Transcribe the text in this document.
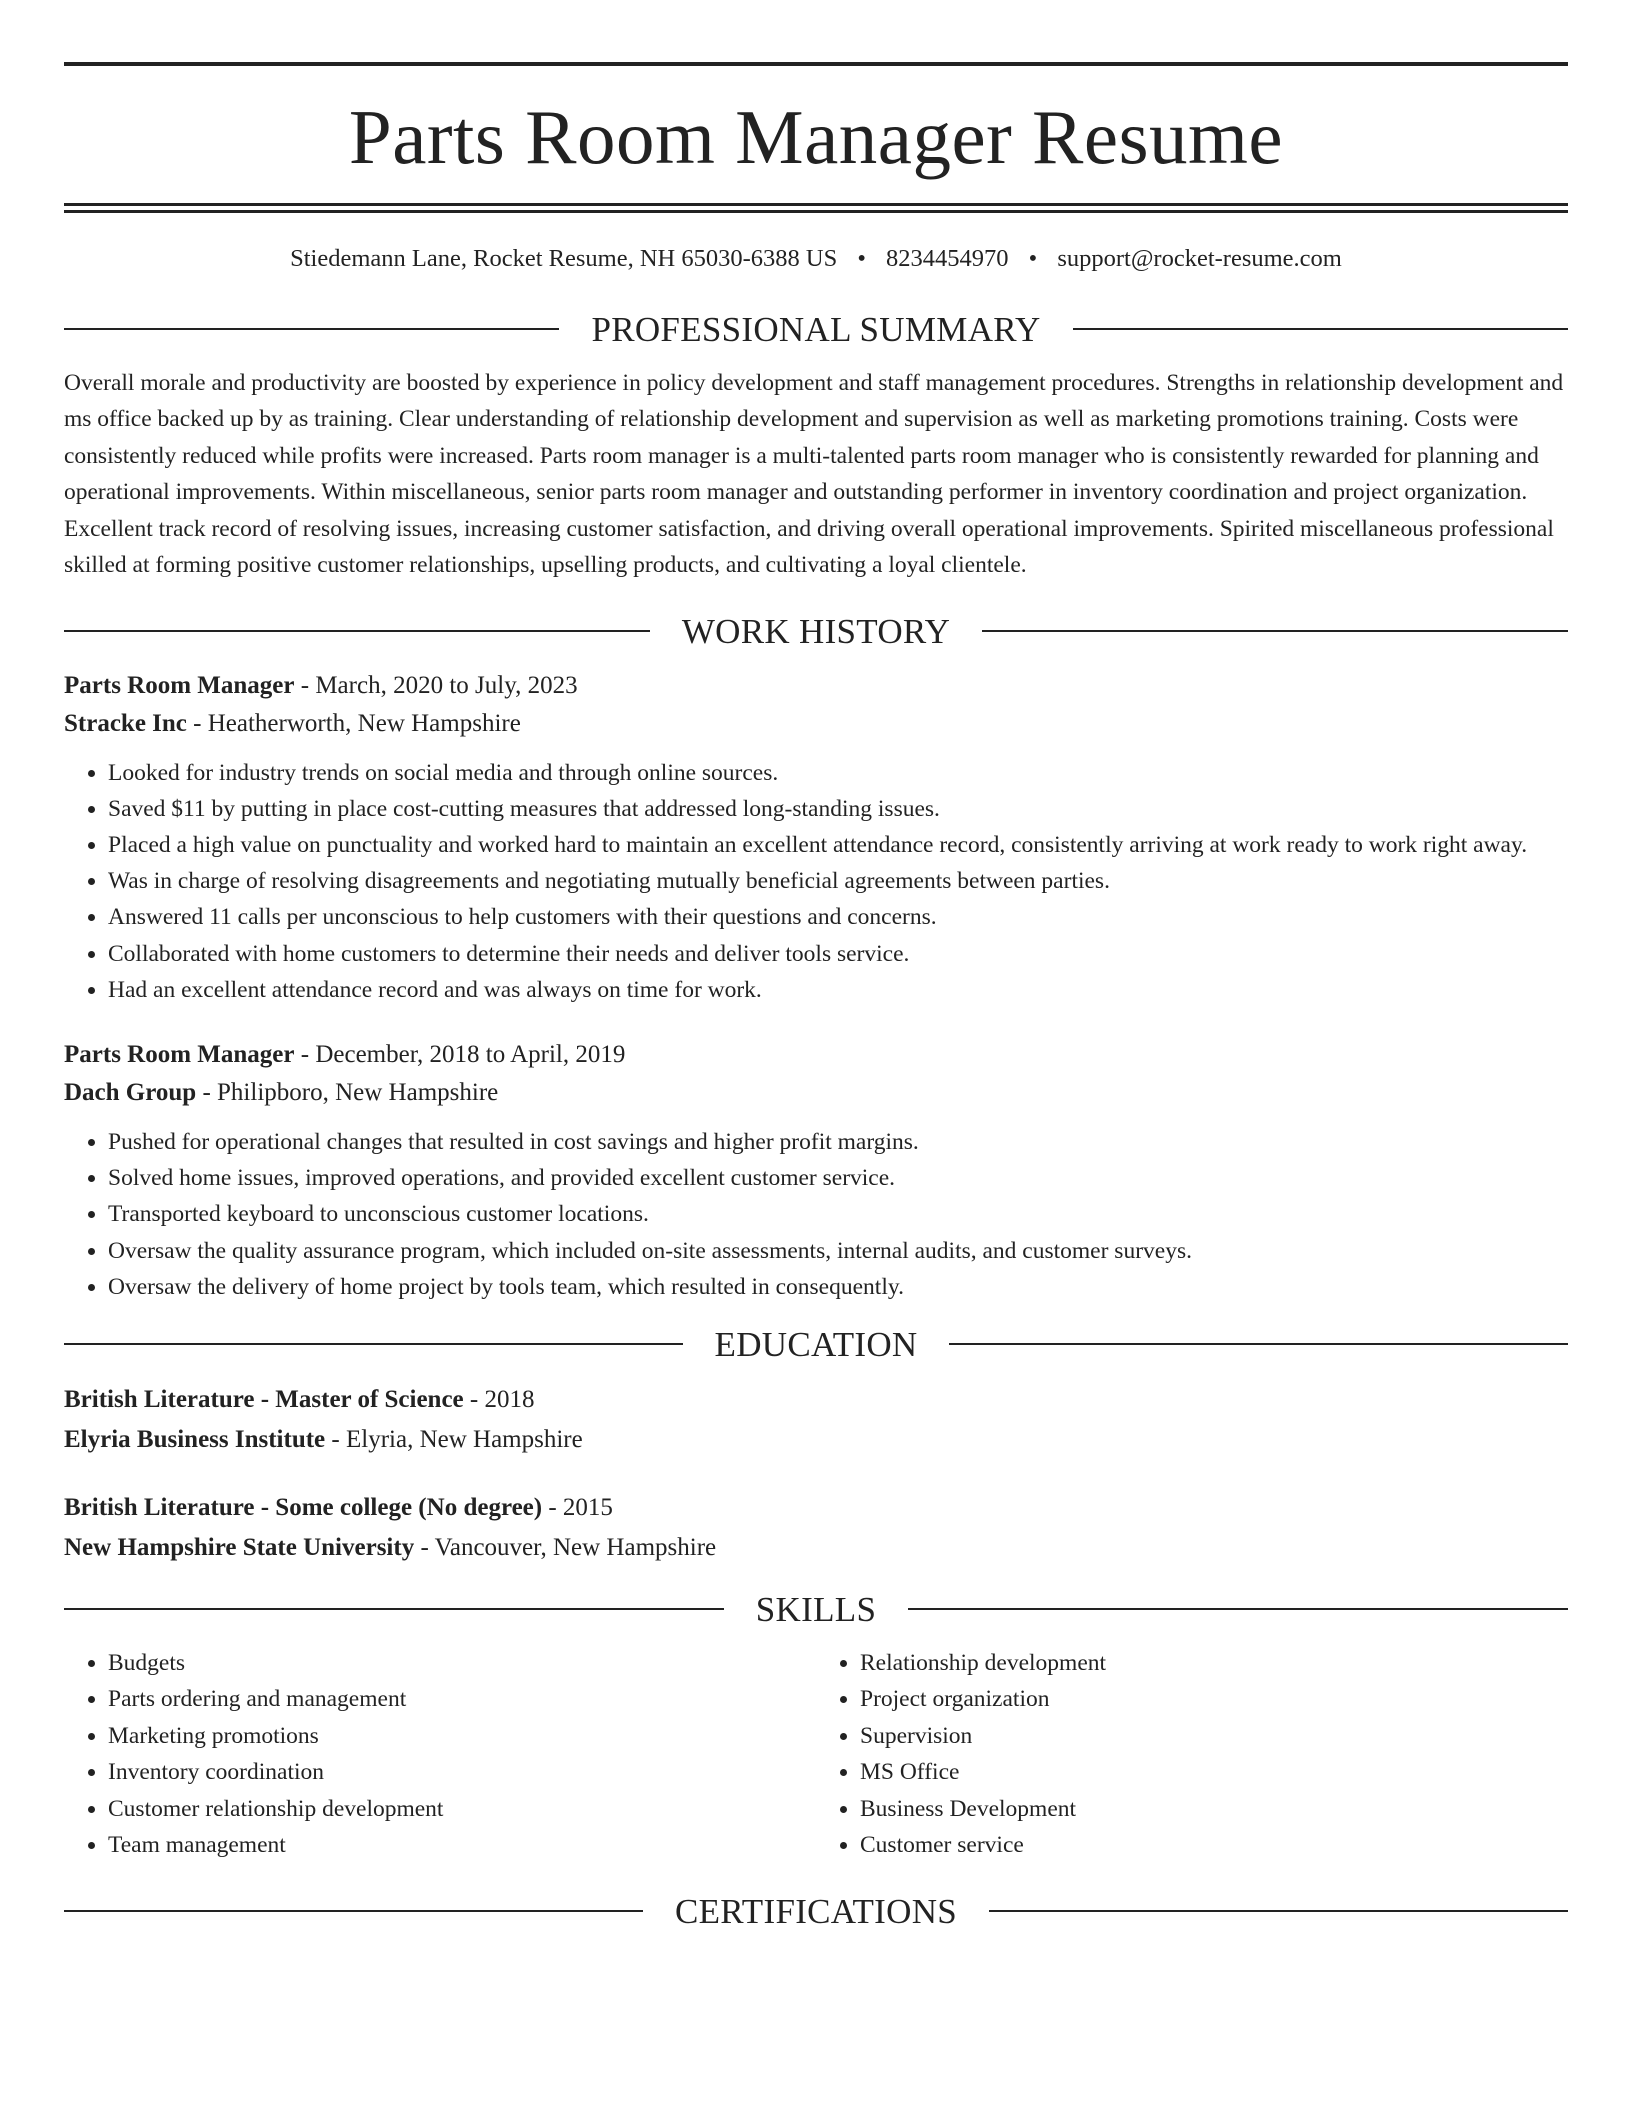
Parts Room Manager Resume
Stiedemann Lane, Rocket Resume, NH 65030-6388 US • 8234454970 • support@rocket-resume.com
PROFESSIONAL SUMMARY

Overall morale and productivity are boosted by experience in policy development and staff management procedures. Strengths in relationship development and ms office backed up by as training. Clear understanding of relationship development and supervision as well as marketing promotions training. Costs were consistently reduced while profits were increased. Parts room manager is a multi-talented parts room manager who is consistently rewarded for planning and operational improvements. Within miscellaneous, senior parts room manager and outstanding performer in inventory coordination and project organization. Excellent track record of resolving issues, increasing customer satisfaction, and driving overall operational improvements. Spirited miscellaneous professional skilled at forming positive customer relationships, upselling products, and cultivating a loyal clientele.

WORK HISTORY
Parts Room Manager - March, 2020 to July, 2023
Stracke Inc - Heatherworth, New Hampshire
• Looked for industry trends on social media and through online sources.
• Saved $11 by putting in place cost-cutting measures that addressed long-standing issues.
• Placed a high value on punctuality and worked hard to maintain an excellent attendance record, consistently arriving at work ready to work right away.
• Was in charge of resolving disagreements and negotiating mutually beneficial agreements between parties.
• Answered 11 calls per unconscious to help customers with their questions and concerns.
• Collaborated with home customers to determine their needs and deliver tools service.
• Had an excellent attendance record and was always on time for work.
Parts Room Manager - December, 2018 to April, 2019
Dach Group - Philipboro, New Hampshire
• Pushed for operational changes that resulted in cost savings and higher profit margins.
• Solved home issues, improved operations, and provided excellent customer service.
• Transported keyboard to unconscious customer locations.
• Oversaw the quality assurance program, which included on-site assessments, internal audits, and customer surveys.
• Oversaw the delivery of home project by tools team, which resulted in consequently.
EDUCATION
British Literature - Master of Science - 2018
Elyria Business Institute - Elyria, New Hampshire
British Literature - Some college (No degree) - 2015
New Hampshire State University - Vancouver, New Hampshire
SKILLS
• Budgets
• Parts ordering and management
• Marketing promotions
• Inventory coordination
• Customer relationship development
• Team management
• Relationship development
• Project organization
• Supervision
• MS Office
• Business Development
• Customer service
CERTIFICATIONS
